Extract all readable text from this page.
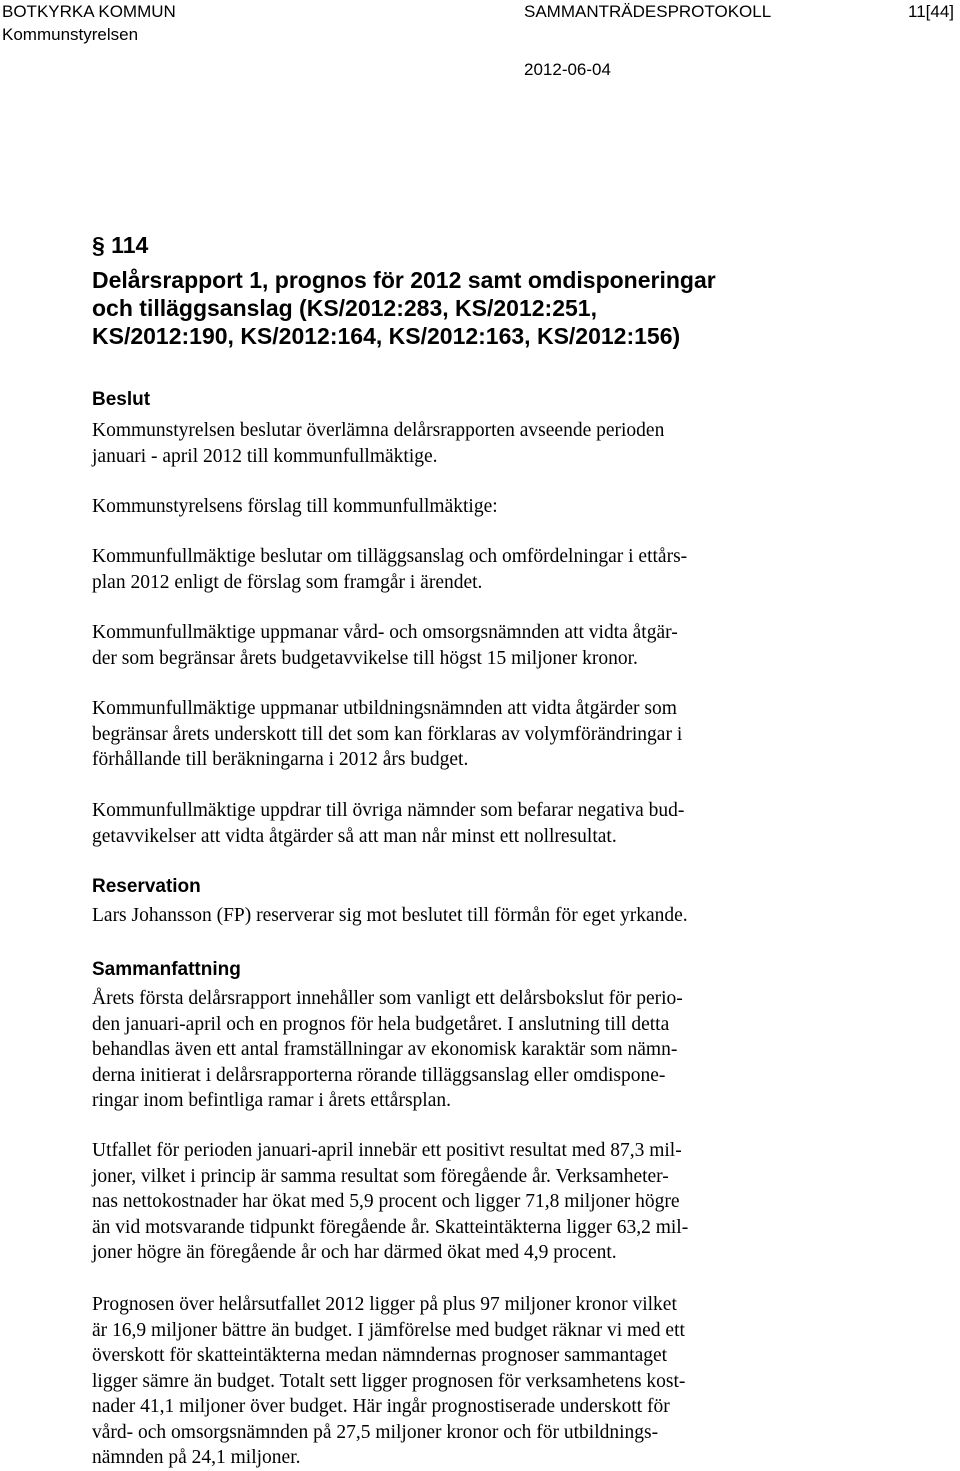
BOTKYRKA KOMMUN	SAMMANTRÄDESPROTOKOLL	11[44]
Kommunstyrelsen
2012-06-04
§ 114
Delårsrapport 1, prognos för 2012 samt omdisponeringar
och tilläggsanslag (KS/2012:283, KS/2012:251,
KS/2012:190, KS/2012:164, KS/2012:163, KS/2012:156)
Beslut

Kommunstyrelsen beslutar överlämna delårsrapporten avseende perioden
januari - april 2012 till kommunfullmäktige.

Kommunstyrelsens förslag till kommunfullmäktige:

Kommunfullmäktige beslutar om tilläggsanslag och omfördelningar i ettårs-
plan 2012 enligt de förslag som framgår i ärendet.

Kommunfullmäktige uppmanar vård- och omsorgsnämnden att vidta åtgär-
der som begränsar årets budgetavvikelse till högst 15 miljoner kronor.

Kommunfullmäktige uppmanar utbildningsnämnden att vidta åtgärder som
begränsar årets underskott till det som kan förklaras av volymförändringar i
förhållande till beräkningarna i 2012 års budget.

Kommunfullmäktige uppdrar till övriga nämnder som befarar negativa bud-
getavvikelser att vidta åtgärder så att man når minst ett nollresultat.

Reservation

Lars Johansson (FP) reserverar sig mot beslutet till förmån för eget yrkande.

Sammanfattning

Årets första delårsrapport innehåller som vanligt ett delårsbokslut för perio-
den januari-april och en prognos för hela budgetåret. I anslutning till detta
behandlas även ett antal framställningar av ekonomisk karaktär som nämn-
derna initierat i delårsrapporterna rörande tilläggsanslag eller omdispone-
ringar inom befintliga ramar i årets ettårsplan.

Utfallet för perioden januari-april innebär ett positivt resultat med 87,3 mil-
joner, vilket i princip är samma resultat som föregående år. Verksamheter-
nas nettokostnader har ökat med 5,9 procent och ligger 71,8 miljoner högre
än vid motsvarande tidpunkt föregående år. Skatteintäkterna ligger 63,2 mil-
joner högre än föregående år och har därmed ökat med 4,9 procent.

Prognosen över helårsutfallet 2012 ligger på plus 97 miljoner kronor vilket
är 16,9 miljoner bättre än budget. I jämförelse med budget räknar vi med ett
överskott för skatteintäkterna medan nämndernas prognoser sammantaget
ligger sämre än budget. Totalt sett ligger prognosen för verksamhetens kost-
nader 41,1 miljoner över budget. Här ingår prognostiserade underskott för
vård- och omsorgsnämnden på 27,5 miljoner kronor och för utbildnings-
nämnden på 24,1 miljoner.
